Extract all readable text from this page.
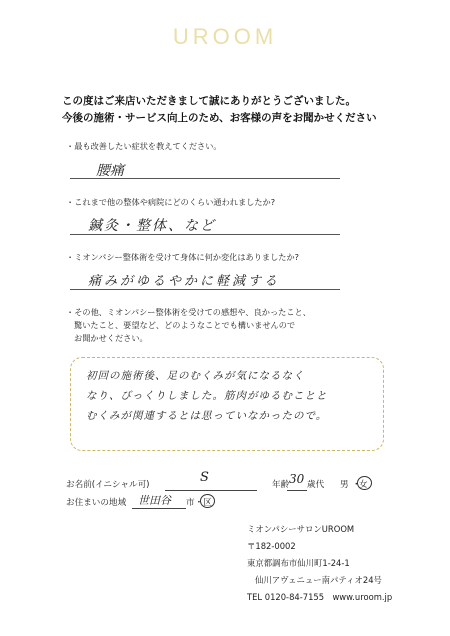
UROOM
この度はご来店いただきまして誠にありがとうございました。
今後の施術・サービス向上のため、お客様の声をお聞かせください
・最も改善したい症状を教えてください。
腰痛
・これまで他の整体や病院にどのくらい通われましたか?
鍼灸・整体、など
・ミオンパシー整体術を受けて身体に何か変化はありましたか?
痛みがゆるやかに軽減する
・その他、ミオンパシー整体術を受けての感想や、良かったこと、
驚いたこと、要望など、どのようなことでも構いませんので
お聞かせください。
初回の施術後、足のむくみが気になるなく
なり、びっくりしました。筋肉がゆるむことと
むくみが関連するとは思っていなかったので。
お名前(イニシャル可)	S	年齢 30 歳代 男 ・
女
お住まいの地域 世田谷 市・区
ミオンパシーサロンUROOM
〒182-0002
東京都調布市仙川町1-24-1
仙川アヴェニュー南パティオ24号
TEL 0120-84-7155　www.uroom.jp
